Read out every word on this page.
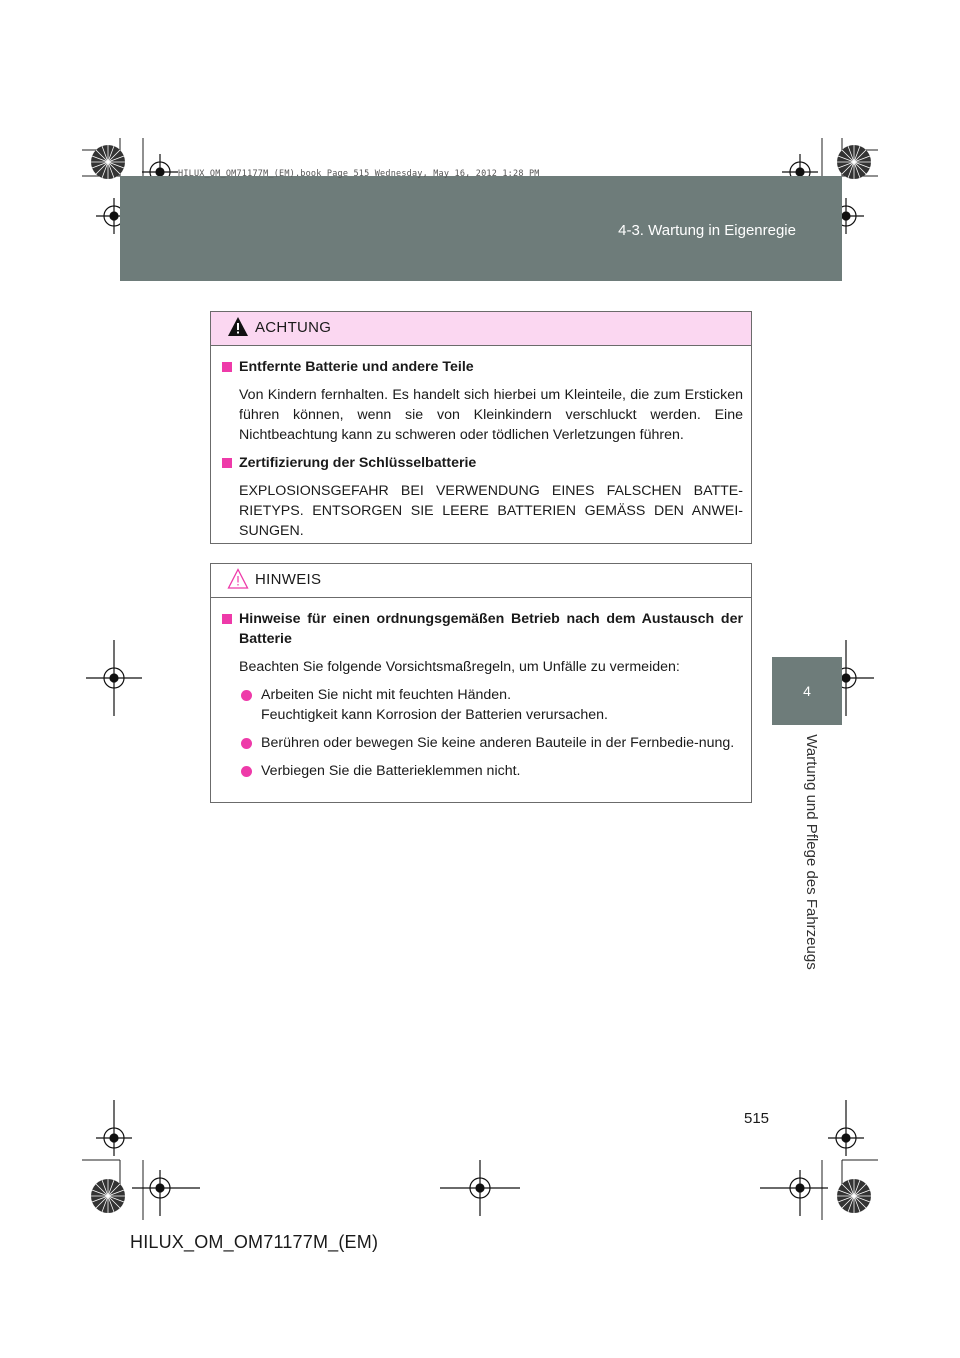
4-3. Wartung in Eigenregie
HILUX_OM_OM71177M_(EM).book Page 515 Wednesday, May 16, 2012 1:28 PM
4
Wartung und Pflege des Fahrzeugs
ACHTUNG
Entfernte Batterie und andere Teile
Von Kindern fernhalten. Es handelt sich hierbei um Kleinteile, die zum Ersticken führen können, wenn sie von Kleinkindern verschluckt werden. Eine Nichtbeachtung kann zu schweren oder tödlichen Verletzungen führen.
Zertifizierung der Schlüsselbatterie
EXPLOSIONSGEFAHR BEI VERWENDUNG EINES FALSCHEN BATTE-RIETYPS. ENTSORGEN SIE LEERE BATTERIEN GEMÄSS DEN ANWEI-SUNGEN.
HINWEIS
Hinweise für einen ordnungsgemäßen Betrieb nach dem Austausch der Batterie
Beachten Sie folgende Vorsichtsmaßregeln, um Unfälle zu vermeiden:
Arbeiten Sie nicht mit feuchten Händen.
Feuchtigkeit kann Korrosion der Batterien verursachen.
Berühren oder bewegen Sie keine anderen Bauteile in der Fernbedie-nung.
Verbiegen Sie die Batterieklemmen nicht.
515
HILUX_OM_OM71177M_(EM)
